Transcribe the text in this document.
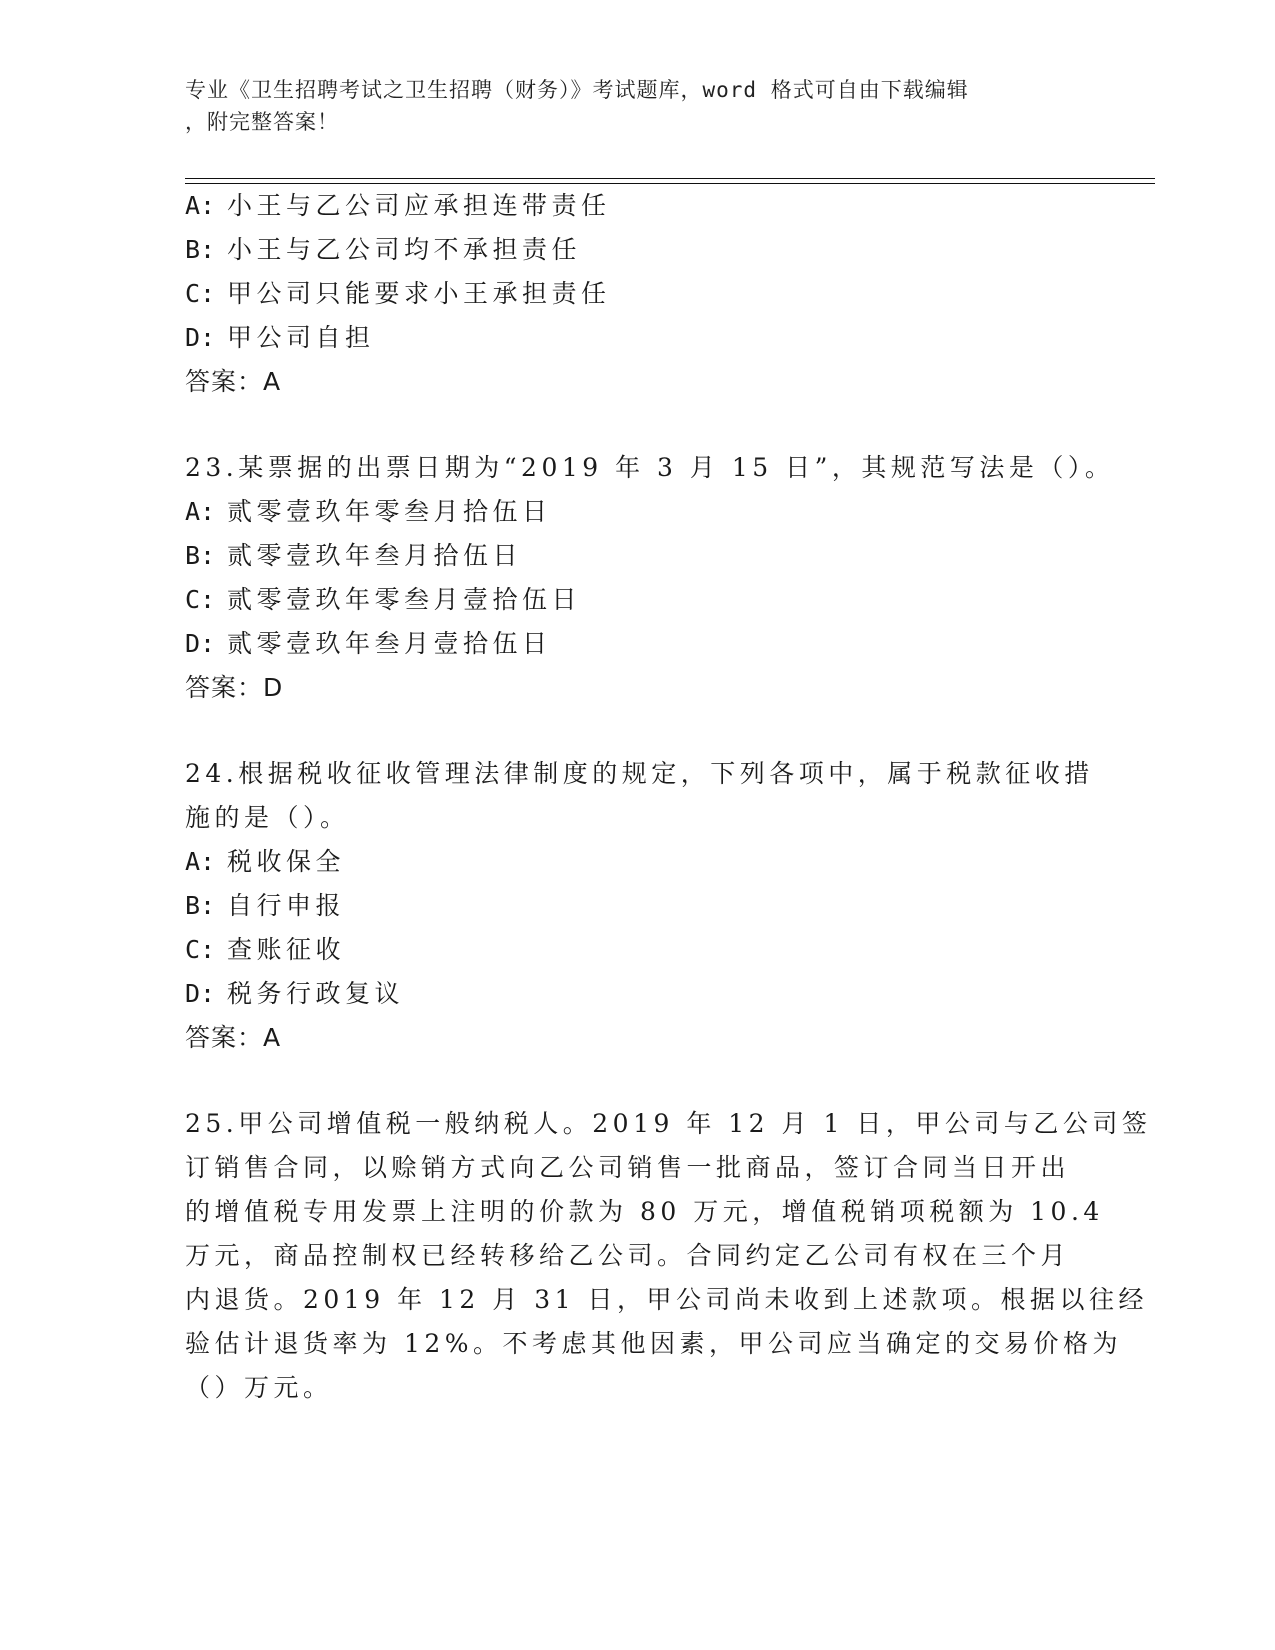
专业《卫生招聘考试之卫生招聘（财务）》考试题库，word 格式可自由下载编辑
，附完整答案！
A: 小王与乙公司应承担连带责任
B: 小王与乙公司均不承担责任
C: 甲公司只能要求小王承担责任
D: 甲公司自担
答案：A
23.某票据的出票日期为“2019 年 3 月 15 日”，其规范写法是（）。
A: 贰零壹玖年零叁月拾伍日
B: 贰零壹玖年叁月拾伍日
C: 贰零壹玖年零叁月壹拾伍日
D: 贰零壹玖年叁月壹拾伍日
答案：D
24.根据税收征收管理法律制度的规定，下列各项中，属于税款征收措
施的是（）。
A: 税收保全
B: 自行申报
C: 查账征收
D: 税务行政复议
答案：A
25.甲公司增值税一般纳税人。2019 年 12 月 1 日，甲公司与乙公司签
订销售合同，以赊销方式向乙公司销售一批商品，签订合同当日开出
的增值税专用发票上注明的价款为 80 万元，增值税销项税额为 10.4
万元，商品控制权已经转移给乙公司。合同约定乙公司有权在三个月
内退货。2019 年 12 月 31 日，甲公司尚未收到上述款项。根据以往经
验估计退货率为 12%。不考虑其他因素，甲公司应当确定的交易价格为
（）万元。
